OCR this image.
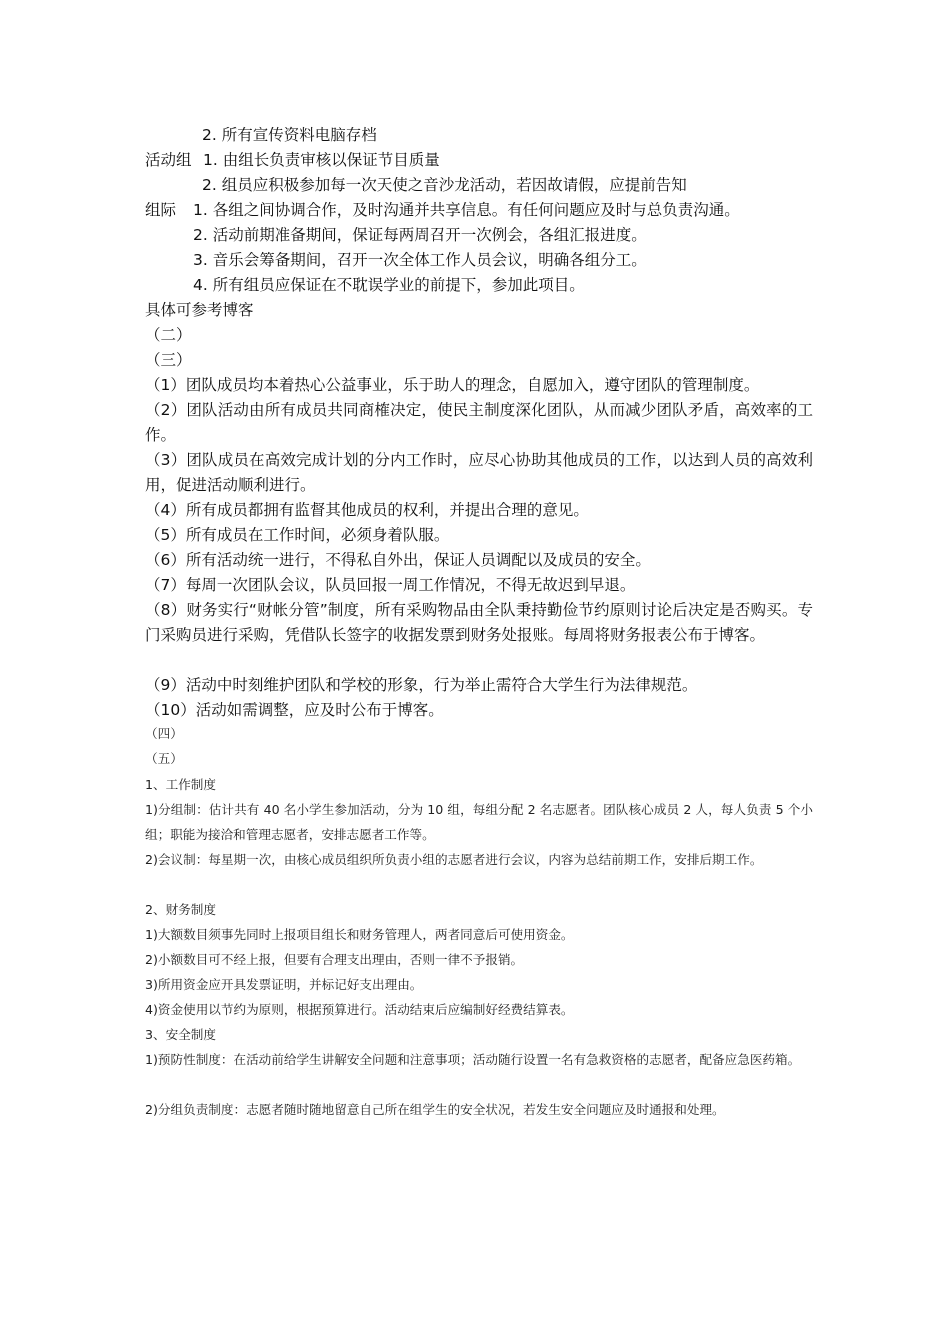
2. 所有宣传资料电脑存档

活动组 1. 由组长负责审核以保证节目质量

2. 组员应积极参加每一次天使之音沙龙活动，若因故请假，应提前告知

组际 1. 各组之间协调合作，及时沟通并共享信息。有任何问题应及时与总负责沟通。

2. 活动前期准备期间，保证每两周召开一次例会，各组汇报进度。

3. 音乐会筹备期间，召开一次全体工作人员会议，明确各组分工。

4. 所有组员应保证在不耽误学业的前提下，参加此项目。

具体可参考博客

（二）

（三）

（1）团队成员均本着热心公益事业，乐于助人的理念，自愿加入，遵守团队的管理制度。

（2）团队活动由所有成员共同商榷决定，使民主制度深化团队，从而减少团队矛盾，高效率的工作。

（3）团队成员在高效完成计划的分内工作时，应尽心协助其他成员的工作，以达到人员的高效利用，促进活动顺利进行。

（4）所有成员都拥有监督其他成员的权利，并提出合理的意见。

（5）所有成员在工作时间，必须身着队服。

（6）所有活动统一进行，不得私自外出，保证人员调配以及成员的安全。

（7）每周一次团队会议，队员回报一周工作情况，不得无故迟到早退。

（8）财务实行“财帐分管”制度，所有采购物品由全队秉持勤俭节约原则讨论后决定是否购买。专门采购员进行采购，凭借队长签字的收据发票到财务处报账。每周将财务报表公布于博客。

（9）活动中时刻维护团队和学校的形象，行为举止需符合大学生行为法律规范。

（10）活动如需调整，应及时公布于博客。

（四）

（五）

1、工作制度

1)分组制：估计共有 40 名小学生参加活动，分为 10 组，每组分配 2 名志愿者。团队核心成员 2 人，每人负责 5 个小组；职能为接洽和管理志愿者，安排志愿者工作等。

2)会议制：每星期一次，由核心成员组织所负责小组的志愿者进行会议，内容为总结前期工作，安排后期工作。

2、财务制度

1)大额数目须事先同时上报项目组长和财务管理人，两者同意后可使用资金。

2)小额数目可不经上报，但要有合理支出理由，否则一律不予报销。

3)所用资金应开具发票证明，并标记好支出理由。

4)资金使用以节约为原则，根据预算进行。活动结束后应编制好经费结算表。

3、安全制度

1)预防性制度：在活动前给学生讲解安全问题和注意事项；活动随行设置一名有急救资格的志愿者，配备应急医药箱。

2)分组负责制度：志愿者随时随地留意自己所在组学生的安全状况，若发生安全问题应及时通报和处理。
